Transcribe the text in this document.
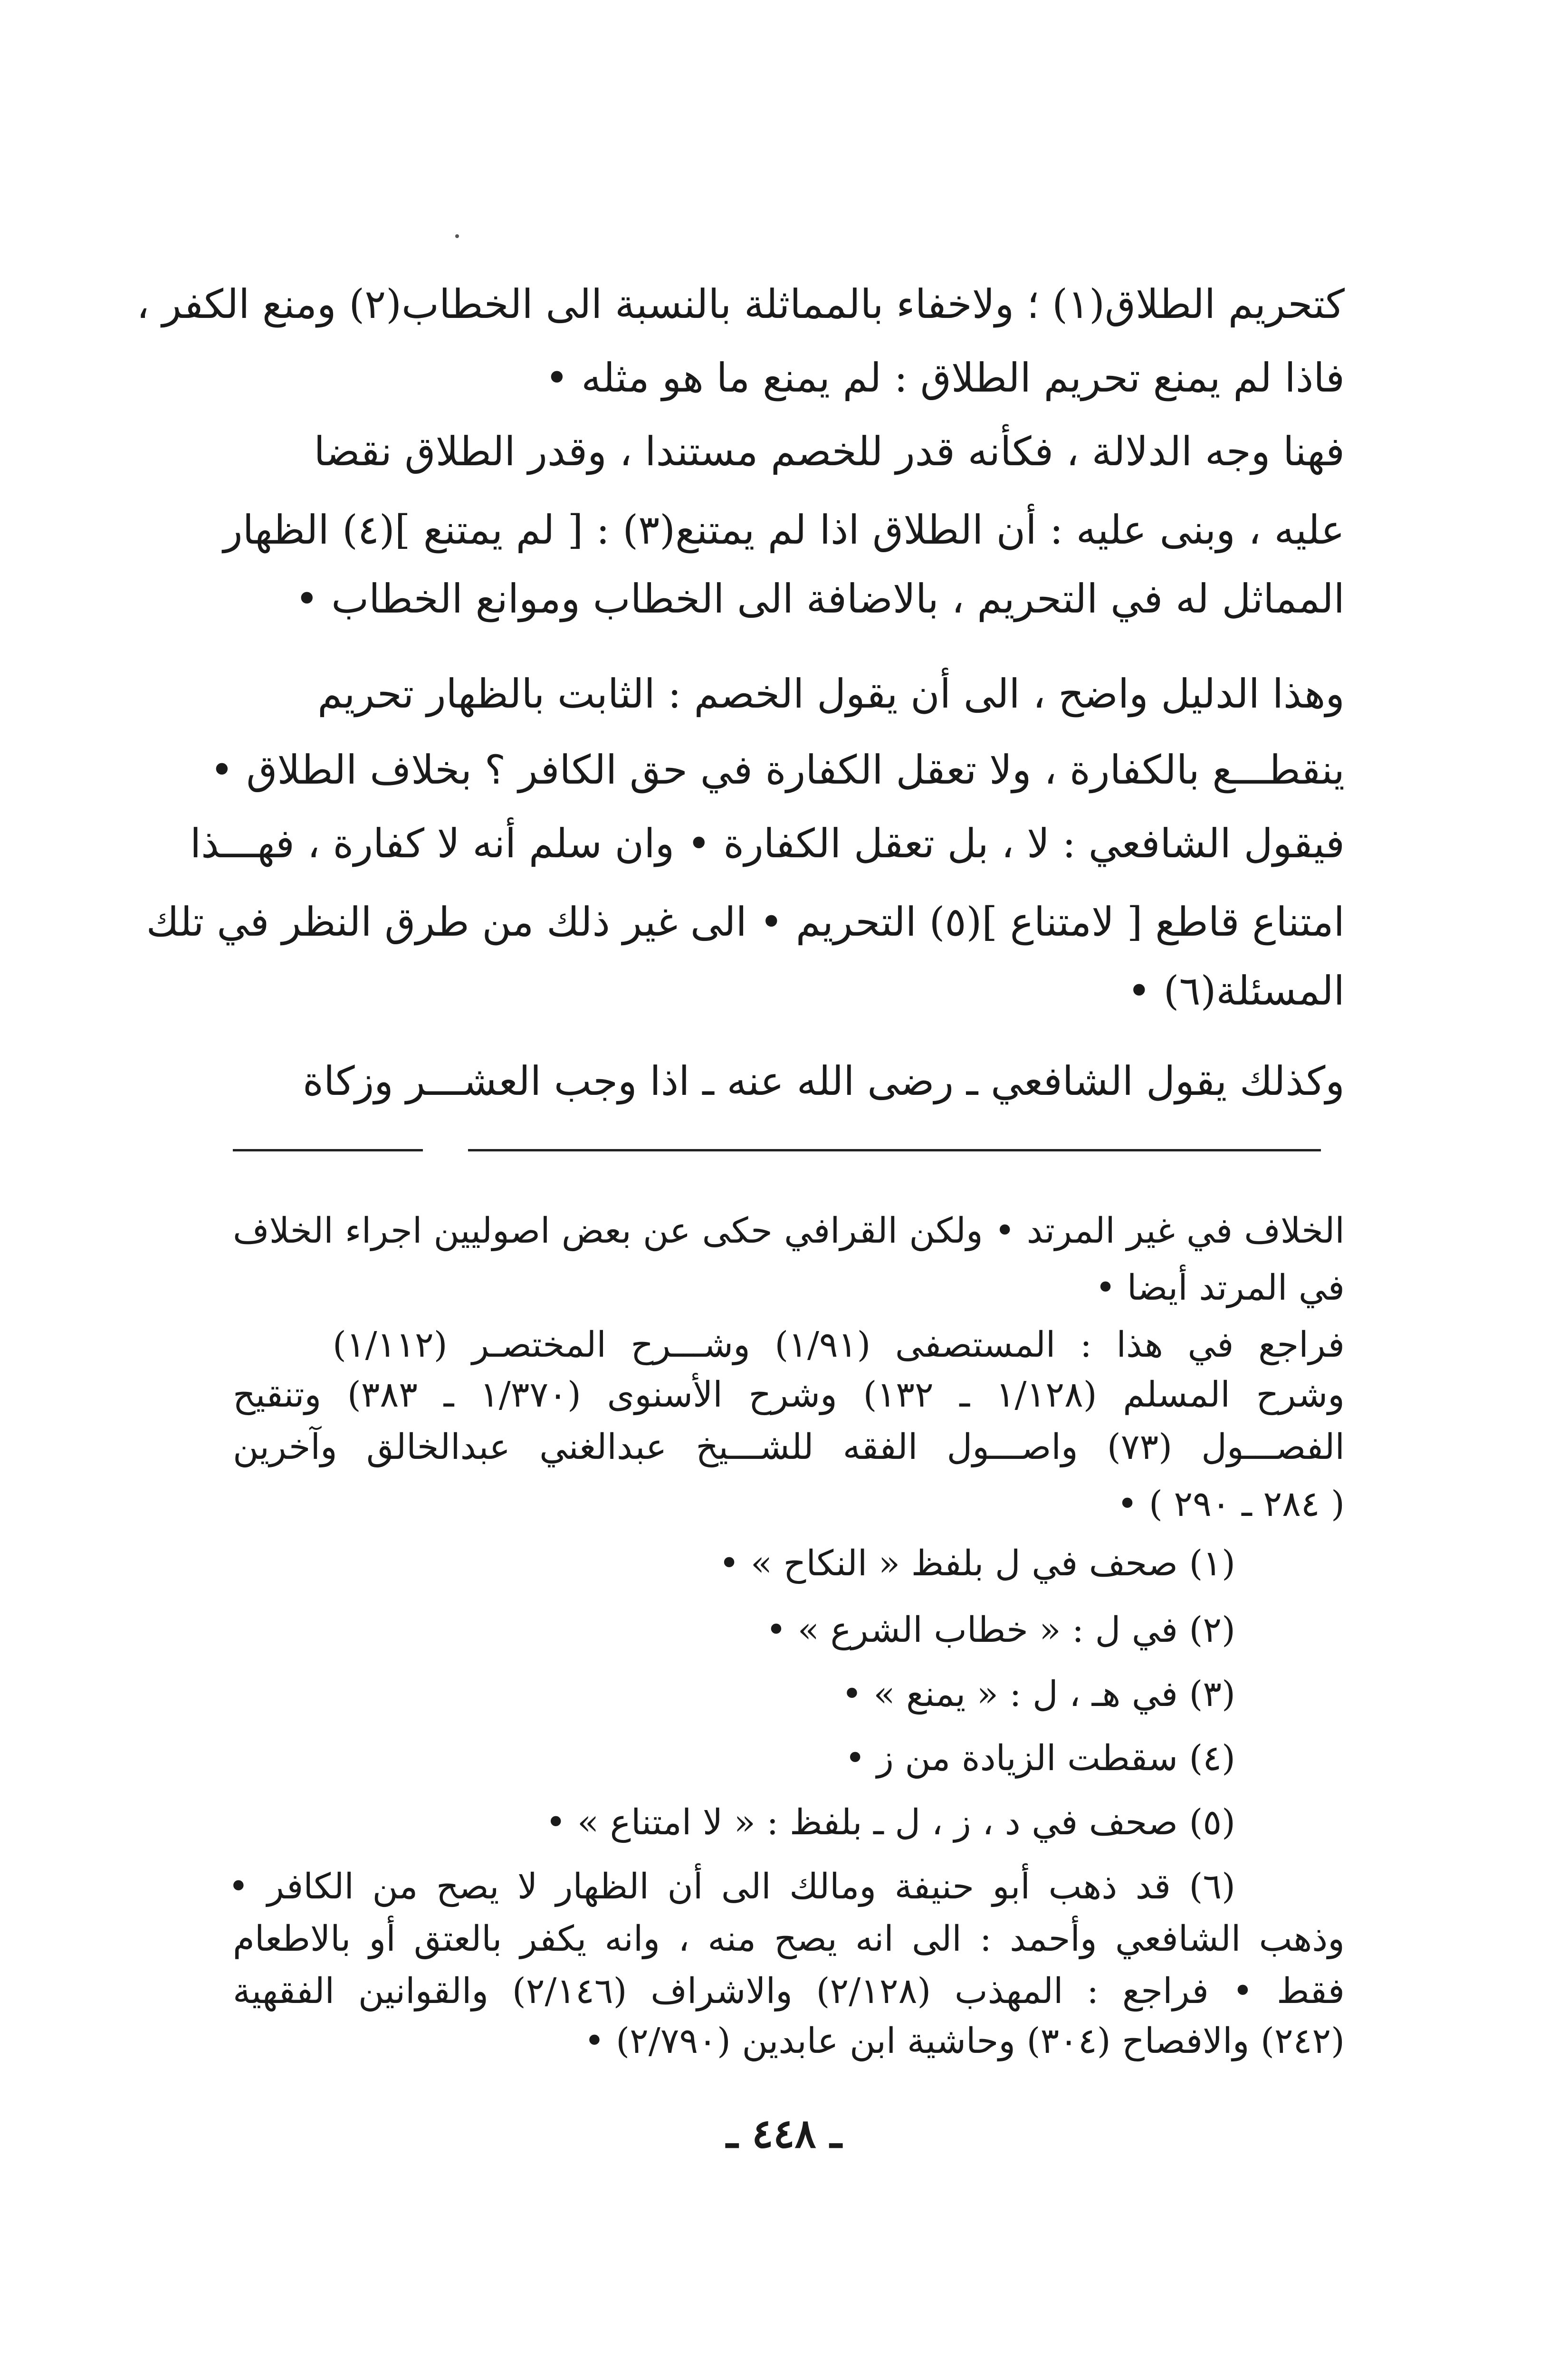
كتحريم الطلاق(١) ؛ ولاخفاء بالمماثلة بالنسبة الى الخطاب(٢) ومنع الكفر ،
فاذا لم يمنع تحريم الطلاق : لم يمنع ما هو مثله •
فهنا وجه الدلالة ، فكأنه قدر للخصم مستندا ، وقدر الطلاق نقضا
عليه ، وبنى عليه : أن الطلاق اذا لم يمتنع(٣) : [ لم يمتنع ](٤) الظهار
المماثل له في التحريم ، بالاضافة الى الخطاب وموانع الخطاب •
وهذا الدليل واضح ، الى أن يقول الخصم : الثابت بالظهار تحريم
ينقطـــع بالكفارة ، ولا تعقل الكفارة في حق الكافر ؟ بخلاف الطلاق •
فيقول الشافعي : لا ، بل تعقل الكفارة • وان سلم أنه لا كفارة ، فهـــذا
امتناع قاطع [ لامتناع ](٥) التحريم • الى غير ذلك من طرق النظر في تلك
المسئلة(٦) •
وكذلك يقول الشافعي ـ رضى الله عنه ـ اذا وجب العشـــر وزكاة
الخلاف في غير المرتد • ولكن القرافي حكى عن بعض اصوليين اجراء الخلاف
في المرتد أيضا •
فراجع في هذا : المستصفى (١/٩١) وشـــرح المختصـر (١/١١٢)
وشرح المسلم (١/١٢٨ ـ ١٣٢) وشرح الأسنوى (١/٣٧٠ ـ ٣٨٣) وتنقيح
الفصـــول (٧٣) واصـــول الفقه للشـــيخ عبدالغني عبدالخالق وآخرين
( ٢٨٤ ـ ٢٩٠ ) •
(١) صحف في ل بلفظ « النكاح » •
(٢) في ل : « خطاب الشرع » •
(٣) في هـ ، ل : « يمنع » •
(٤) سقطت الزيادة من ز •
(٥) صحف في د ، ز ، ل ـ بلفظ : « لا امتناع » •
(٦) قد ذهب أبو حنيفة ومالك الى أن الظهار لا يصح من الكافر •
وذهب الشافعي وأحمد : الى انه يصح منه ، وانه يكفر بالعتق أو بالاطعام
فقط • فراجع : المهذب (٢/١٢٨) والاشراف (٢/١٤٦) والقوانين الفقهية
(٢٤٢) والافصاح (٣٠٤) وحاشية ابن عابدين (٢/٧٩٠) •
ـ ٤٤٨ ـ
